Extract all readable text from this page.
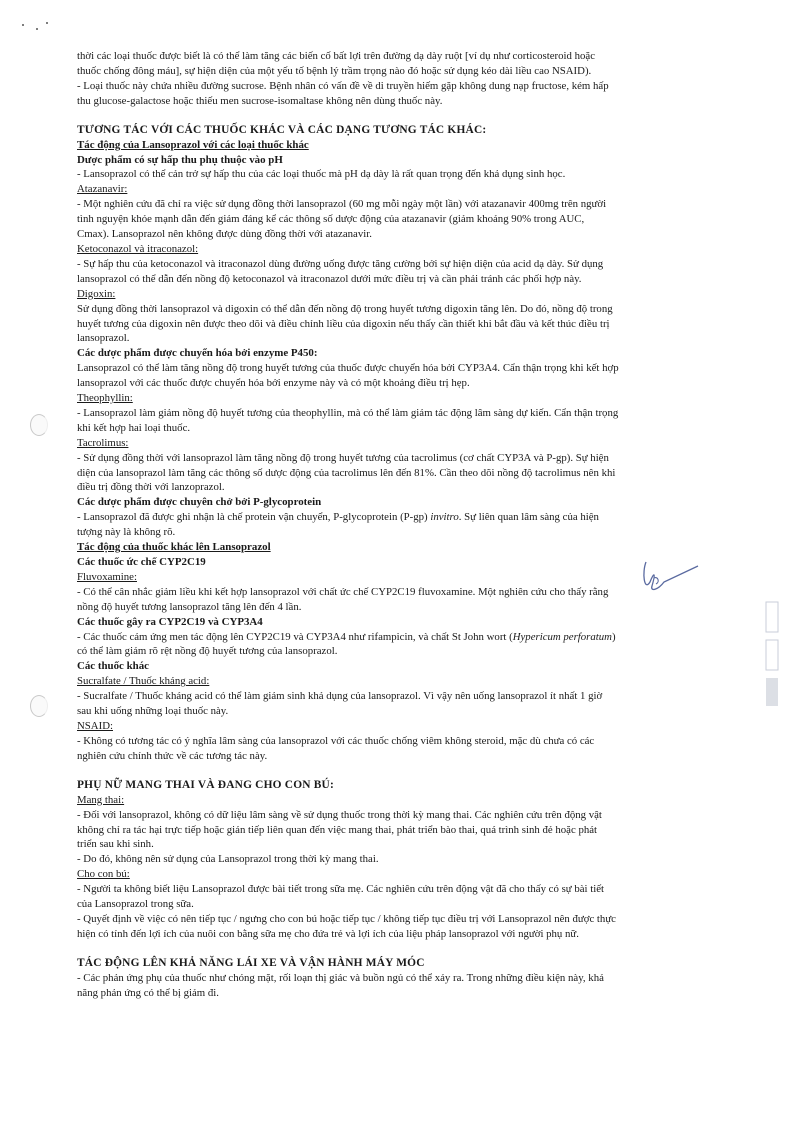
thời các loại thuốc được biết là có thể làm tăng các biến cố bất lợi trên đường dạ dày ruột [ví dụ như corticosteroid hoặc
thuốc chống đông máu], sự hiện diện của một yếu tố bệnh lý trầm trọng nào đó hoặc sử dụng kéo dài liều cao NSAID).
- Loại thuốc này chứa nhiều đường sucrose. Bệnh nhân có vấn đề về di truyền hiếm gặp không dung nạp fructose, kém hấp
thu glucose-galactose hoặc thiếu men sucrose-isomaltase không nên dùng thuốc này.
TƯƠNG TÁC VỚI CÁC THUỐC KHÁC VÀ CÁC DẠNG TƯƠNG TÁC KHÁC:
Tác động của Lansoprazol với các loại thuốc khác
Dược phẩm có sự hấp thu phụ thuộc vào pH
- Lansoprazol có thể cản trở sự hấp thu của các loại thuốc mà pH dạ dày là rất quan trọng đến khả dụng sinh học.
Atazanavir:
- Một nghiên cứu đã chỉ ra việc sử dụng đồng thời lansoprazol (60 mg mỗi ngày một lần) với atazanavir 400mg trên người
tình nguyện khỏe mạnh dẫn đến giảm đáng kể các thông số dược động của atazanavir (giảm khoảng 90% trong AUC,
Cmax). Lansoprazol nên không được dùng đồng thời với atazanavir.
Ketoconazol và itraconazol:
- Sự hấp thu của ketoconazol và itraconazol dùng đường uống được tăng cường bởi sự hiện diện của acid dạ dày. Sử dụng
lansoprazol có thể dẫn đến nồng độ ketoconazol và itraconazol dưới mức điều trị và cần phải tránh các phối hợp này.
Digoxin:
Sử dụng đồng thời lansoprazol và digoxin có thể dẫn đến nồng độ trong huyết tương digoxin tăng lên. Do đó, nồng độ trong
huyết tương của digoxin nên được theo dõi và điều chỉnh liều của digoxin nếu thấy cần thiết khi bắt đầu và kết thúc điều trị
lansoprazol.
Các dược phẩm được chuyển hóa bởi enzyme P450:
Lansoprazol có thể làm tăng nồng độ trong huyết tương của thuốc được chuyển hóa bởi CYP3A4. Cẩn thận trọng khi kết hợp
lansoprazol với các thuốc được chuyển hóa bởi enzyme này và có một khoảng điều trị hẹp.
Theophyllin:
- Lansoprazol làm giảm nồng độ huyết tương của theophyllin, mà có thể làm giảm tác động lâm sàng dự kiến. Cẩn thận trọng
khi kết hợp hai loại thuốc.
Tacrolimus:
- Sử dụng đồng thời với lansoprazol làm tăng nồng độ trong huyết tương của tacrolimus (cơ chất CYP3A và P-gp). Sự hiện
diện của lansoprazol làm tăng các thông số dược động của tacrolimus lên đến 81%. Cần theo dõi nồng độ tacrolimus nên khi
điều trị đồng thời với lanzoprazol.
Các dược phẩm được chuyên chở bởi P-glycoprotein
- Lansoprazol đã được ghi nhận là chế protein vận chuyển, P-glycoprotein (P-gp) invitro. Sự liên quan lâm sàng của hiện
tượng này là không rõ.
Tác động của thuốc khác lên Lansoprazol
Các thuốc ức chế CYP2C19
Fluvoxamine:
- Có thể cân nhắc giảm liều khi kết hợp lansoprazol với chất ức chế CYP2C19 fluvoxamine. Một nghiên cứu cho thấy rằng
nồng độ huyết tương lansoprazol tăng lên đến 4 lần.
Các thuốc gây ra CYP2C19 và CYP3A4
- Các thuốc cảm ứng men tác động lên CYP2C19 và CYP3A4 như rifampicin, và chất St John wort (Hypericum perforatum)
có thể làm giảm rõ rệt nồng độ huyết tương của lansoprazol.
Các thuốc khác
Sucralfate / Thuốc kháng acid:
- Sucralfate / Thuốc kháng acid có thể làm giảm sinh khả dụng của lansoprazol. Vì vậy nên uống lansoprazol ít nhất 1 giờ
sau khi uống những loại thuốc này.
NSAID:
- Không có tương tác có ý nghĩa lâm sàng của lansoprazol với các thuốc chống viêm không steroid, mặc dù chưa có các
nghiên cứu chính thức về các tương tác này.
PHỤ NỮ MANG THAI VÀ ĐANG CHO CON BÚ:
Mang thai:
- Đối với lansoprazol, không có dữ liệu lâm sàng về sử dụng thuốc trong thời kỳ mang thai. Các nghiên cứu trên động vật
không chỉ ra tác hại trực tiếp hoặc gián tiếp liên quan đến việc mang thai, phát triển bào thai, quá trình sinh đẻ hoặc phát
triển sau khi sinh.
- Do đó, không nên sử dụng của Lansoprazol trong thời kỳ mang thai.
Cho con bú:
- Người ta không biết liệu Lansoprazol được bài tiết trong sữa mẹ. Các nghiên cứu trên động vật đã cho thấy có sự bài tiết
của Lansoprazol trong sữa.
- Quyết định về việc có nên tiếp tục / ngưng cho con bú hoặc tiếp tục / không tiếp tục điều trị với Lansoprazol nên được thực
hiện có tính đến lợi ích của nuôi con bằng sữa mẹ cho đứa trẻ và lợi ích của liệu pháp lansoprazol với người phụ nữ.
TÁC ĐỘNG LÊN KHẢ NĂNG LÁI XE VÀ VẬN HÀNH MÁY MÓC
- Các phản ứng phụ của thuốc như chóng mặt, rối loạn thị giác và buồn ngủ có thể xảy ra. Trong những điều kiện này, khả
năng phản ứng có thể bị giảm đi.
